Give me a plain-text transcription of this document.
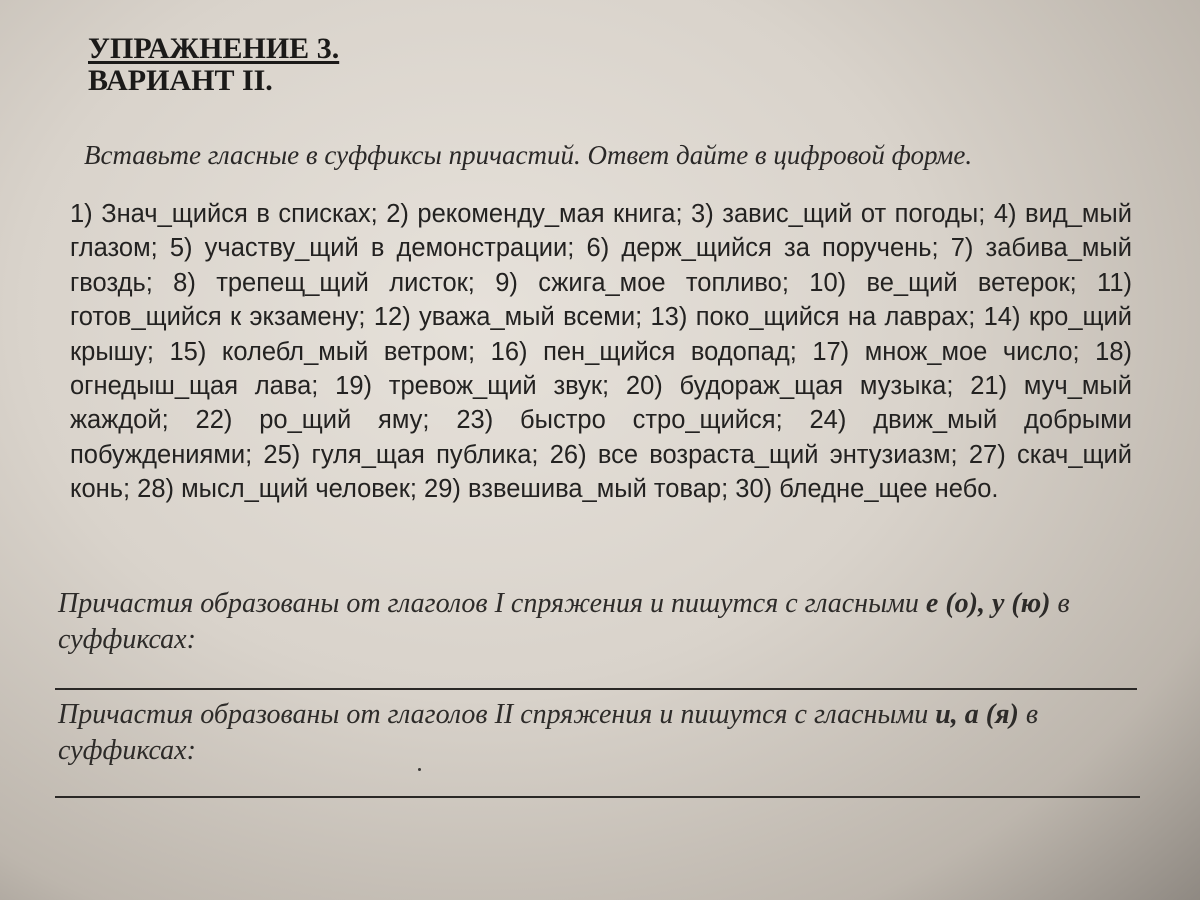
УПРАЖНЕНИЕ 3.
ВАРИАНТ II.

Вставьте гласные в суффиксы причастий. Ответ дайте в цифровой форме.

1) Знач_щийся в списках; 2) рекоменду_мая книга; 3) завис_щий от погоды; 4) вид_мый глазом; 5) участву_щий в демонстрации; 6) держ_щийся за поручень; 7) забива_мый гвоздь; 8) трепещ_щий листок; 9) сжига_мое топливо; 10) ве_щий ветерок; 11) готов_щийся к экзамену; 12) уважа_мый всеми; 13) поко_щийся на лаврах; 14) кро_щий крышу; 15) колебл_мый ветром; 16) пен_щийся водопад; 17) множ_мое число; 18) огнедыш_щая лава; 19) тревож_щий звук; 20) будораж_щая музыка; 21) муч_мый жаждой; 22) ро_щий яму; 23) быстро стро_щийся; 24) движ_мый добрыми побуждениями; 25) гуля_щая публика; 26) все возраста_щий энтузиазм; 27) скач_щий конь; 28) мысл_щий человек; 29) взвешива_мый товар; 30) бледне_щее небо.

Причастия образованы от глаголов I спряжения и пишутся с гласными е (о), у (ю) в суффиксах:

Причастия образованы от глаголов II спряжения и пишутся с гласными и, а (я) в суффиксах:
